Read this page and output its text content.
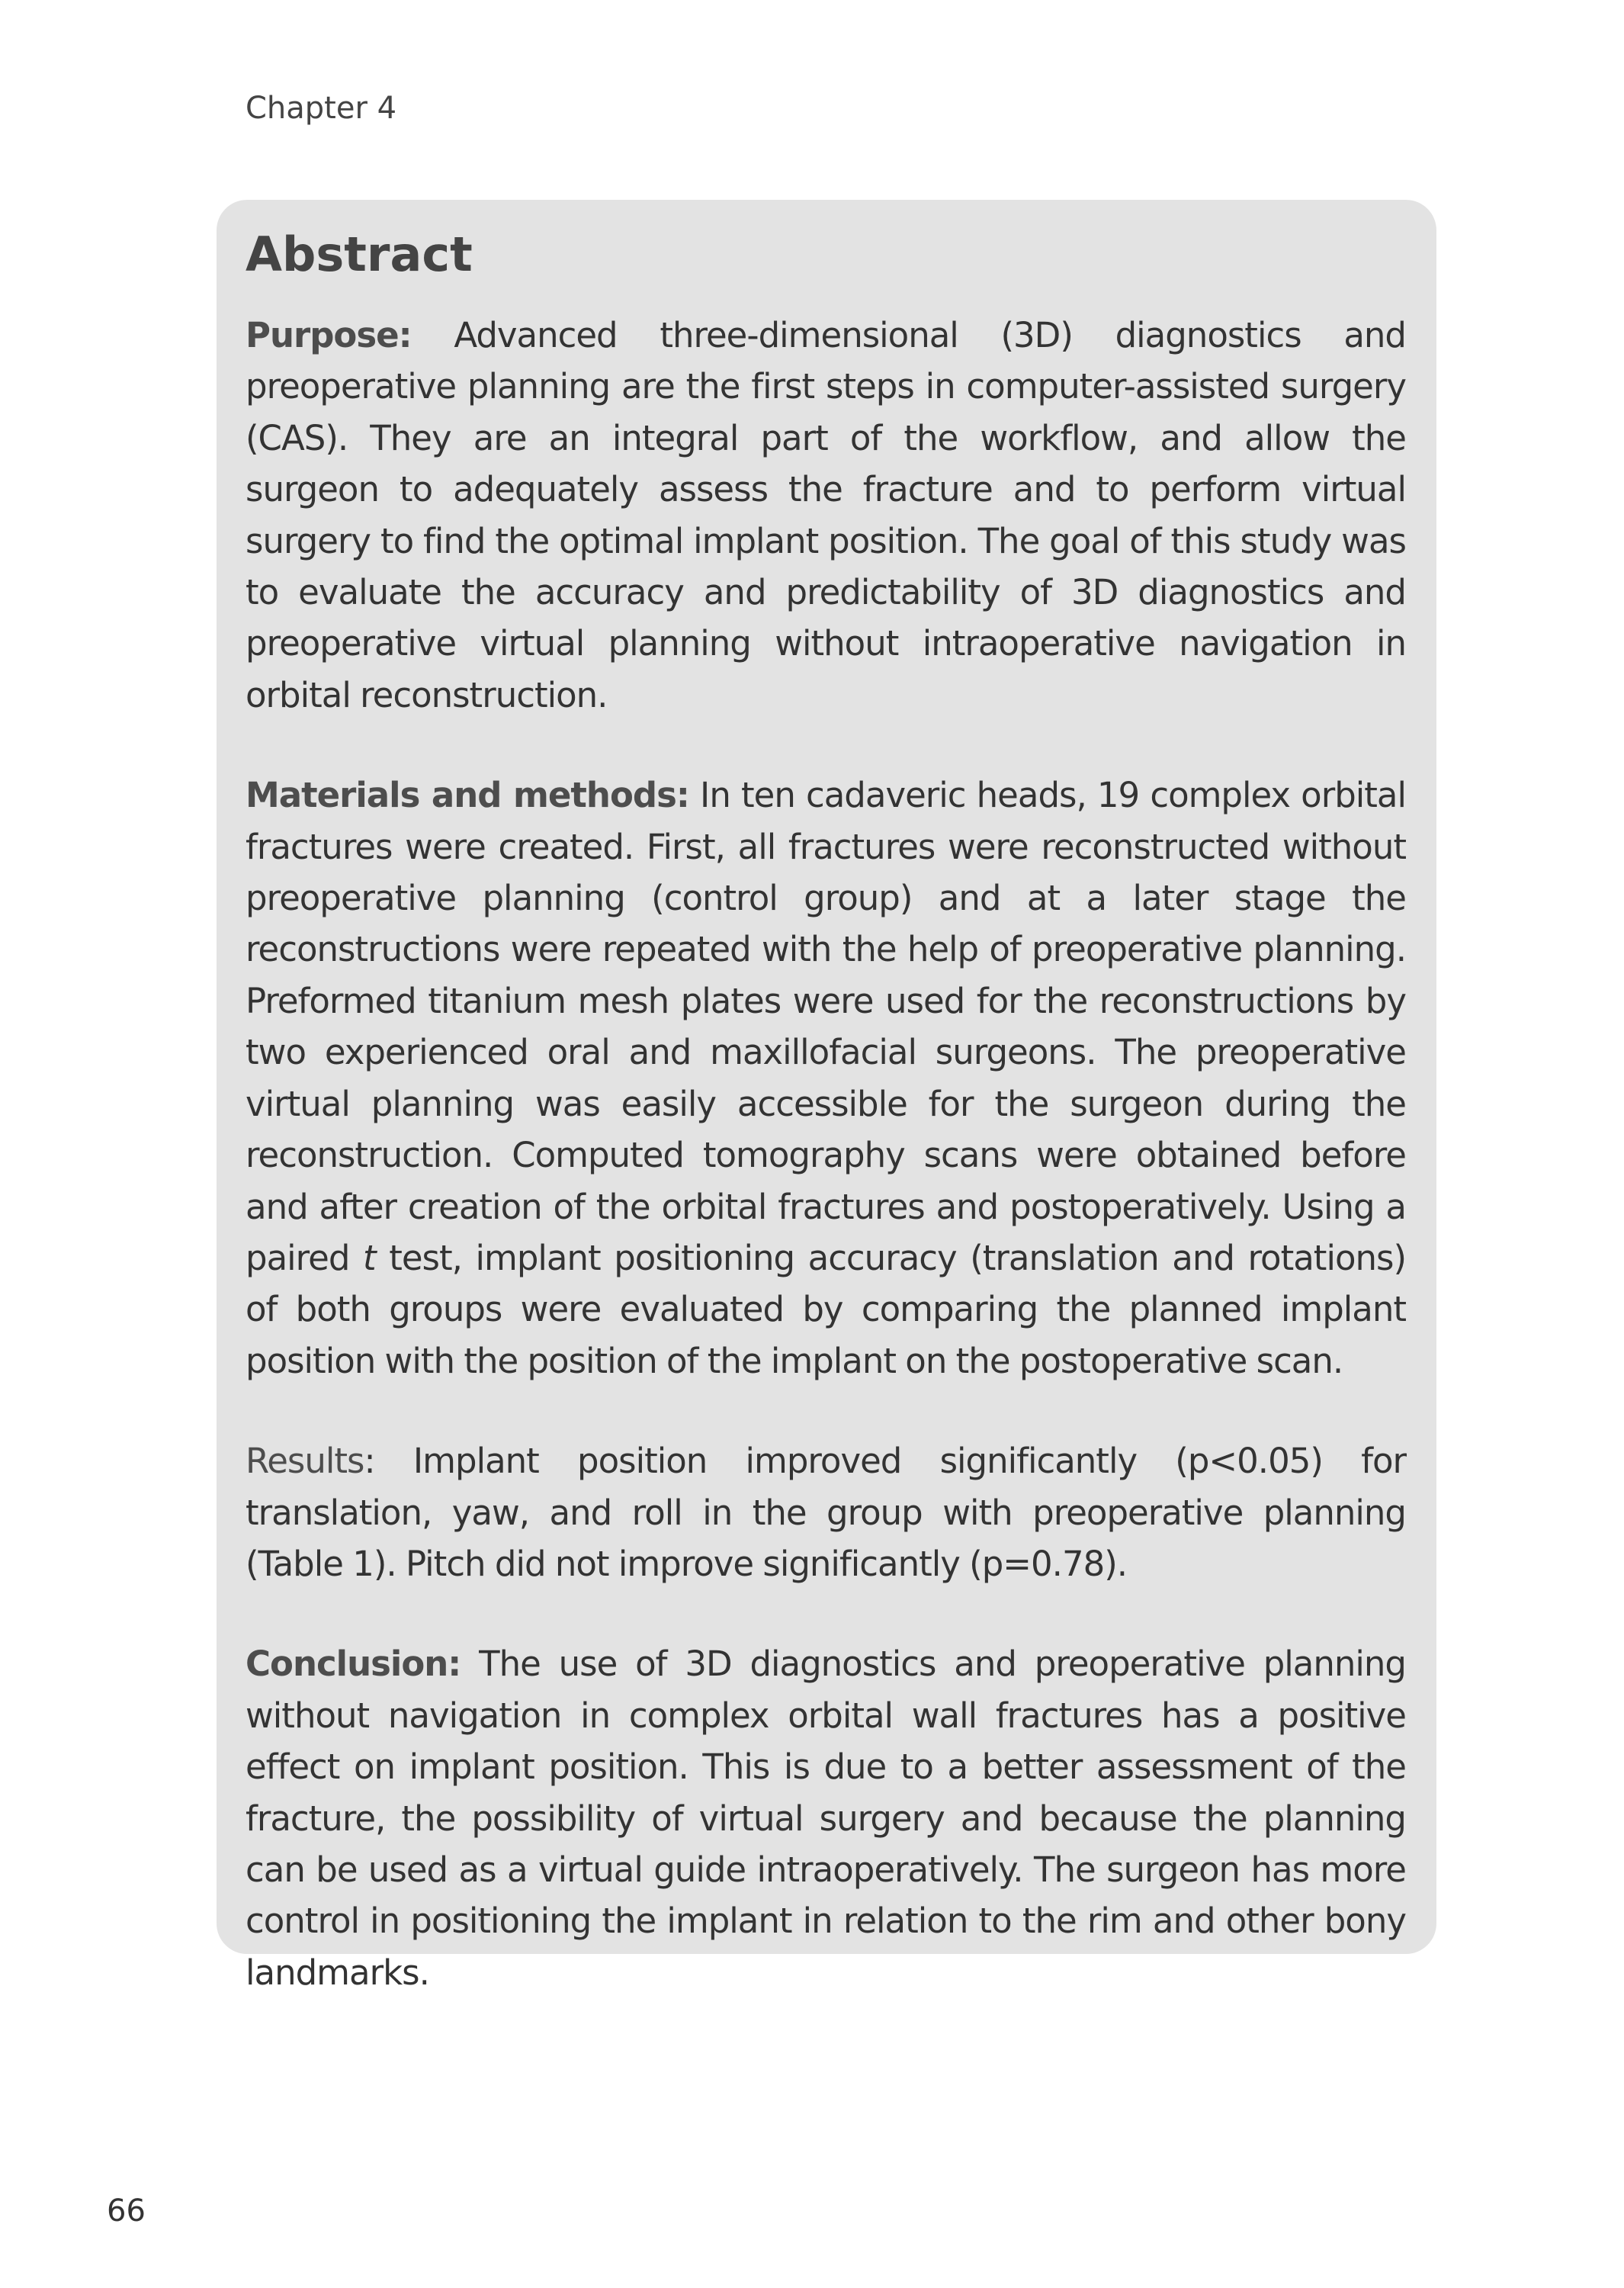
Chapter 4
Abstract

Purpose: Advanced three-dimensional (3D) diagnostics and preoperative planning are the first steps in computer-assisted surgery (CAS). They are an integral part of the workflow, and allow the surgeon to adequately assess the fracture and to perform virtual surgery to find the optimal implant position. The goal of this study was to evaluate the accuracy and predictability of 3D diagnostics and preoperative virtual planning without intraoperative navigation in orbital reconstruction.

Materials and methods: In ten cadaveric heads, 19 complex orbital fractures were created. First, all fractures were reconstructed without preoperative planning (control group) and at a later stage the reconstructions were repeated with the help of preoperative planning. Preformed titanium mesh plates were used for the reconstructions by two experienced oral and maxillofacial surgeons. The preoperative virtual planning was easily accessible for the surgeon during the reconstruction. Computed tomography scans were obtained before and after creation of the orbital fractures and postoperatively. Using a paired t test, implant positioning accuracy (translation and rotations) of both groups were evaluated by comparing the planned implant position with the position of the implant on the postoperative scan.

Results: Implant position improved significantly (p<0.05) for translation, yaw, and roll in the group with preoperative planning (Table 1). Pitch did not improve significantly (p=0.78).

Conclusion: The use of 3D diagnostics and preoperative planning without navigation in complex orbital wall fractures has a positive effect on implant position. This is due to a better assessment of the fracture, the possibility of virtual surgery and because the planning can be used as a virtual guide intraoperatively. The surgeon has more control in positioning the implant in relation to the rim and other bony landmarks.

66
